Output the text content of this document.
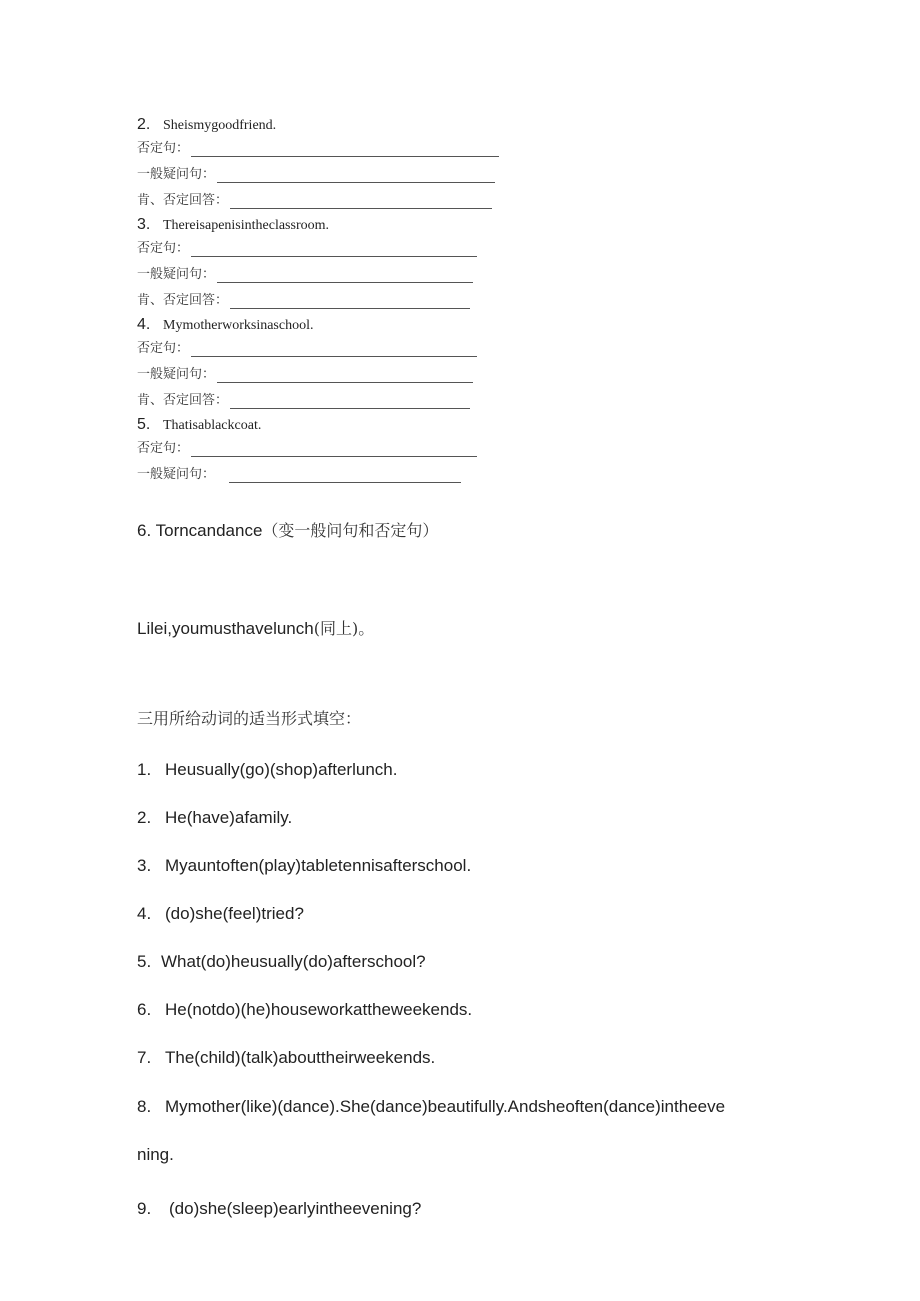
2. Sheismygoodfriend.
否定句：
一般疑问句：
肯、否定回答：
3. Thereisapenisintheclassroom.
否定句：
一般疑问句：
肯、否定回答：
4. Mymotherworksinaschool.
否定句：
一般疑问句：
肯、否定回答：
5. Thatisablackcoat.
否定句：
一般疑问句：
6. Torncandance（变一般问句和否定句）
Lilei,youmusthavelunch(同上)。
三用所给动词的适当形式填空：
1. Heusually(go)(shop)afterlunch.
2. He(have)afamily.
3. Myauntoften(play)tabletennisafterschool.
4. (do)she(feel)tried?
5. What(do)heusually(do)afterschool?
6. He(notdo)(he)houseworkattheweekends.
7. The(child)(talk)abouttheirweekends.
8. Mymother(like)(dance).She(dance)beautifully.Andsheoften(dance)intheeve
ning.
9. (do)she(sleep)earlyintheevening?
